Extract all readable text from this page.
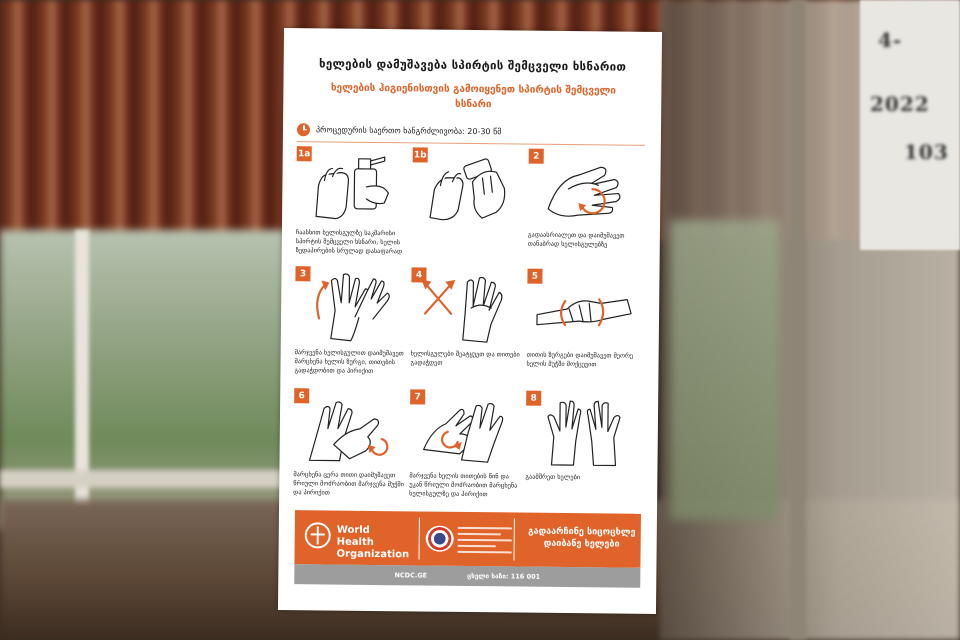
4-
2022
103
ხელების დამუშავება სპირტის შემცველი ხსნარით
ხელების ჰიგიენისთვის გამოიყენეთ სპირტის შემცველი ხსნარი
პროცედურის საერთო ხანგრძლივობა: 20-30 წმ
1a
ჩაასხით ხელისგულზე საკმარისი სპირტის შემცველი ხსნარი, ხელის ზედაპირების სრულად დასაფარად
1b	2
გადაასრიალეთ და დაიმუშავეთ თანაბრად ხელისგულებზე
3
მარჯვენა ხელისგულით დაიმუშავეთ მარცხენა ხელის ზურგი, თითების გადაჭდობით და პირიქით
4
ხელისგულები შეატყუეთ და თითები გადაჭდეთ
5
თითის ზურგები დაიმუშავეთ მეორე ხელის მუჭში მოქცევით
6
მარცხენა ცერა თითი დაიმუშავეთ წრიული მოძრაობით მარჯვენა მუჭში და პირიქით
7
მარჯვენა ხელის თითების წინ და უკან წრიული მოძრაობით მარცხენა ხელისგულზე და პირიქით
8
გაამშრეთ ხელები
World Health
Organization
გადაარჩინე სიცოცხლე დაიბანე ხელები
NCDC.GE	ცხელი ხაზი: 116 001
